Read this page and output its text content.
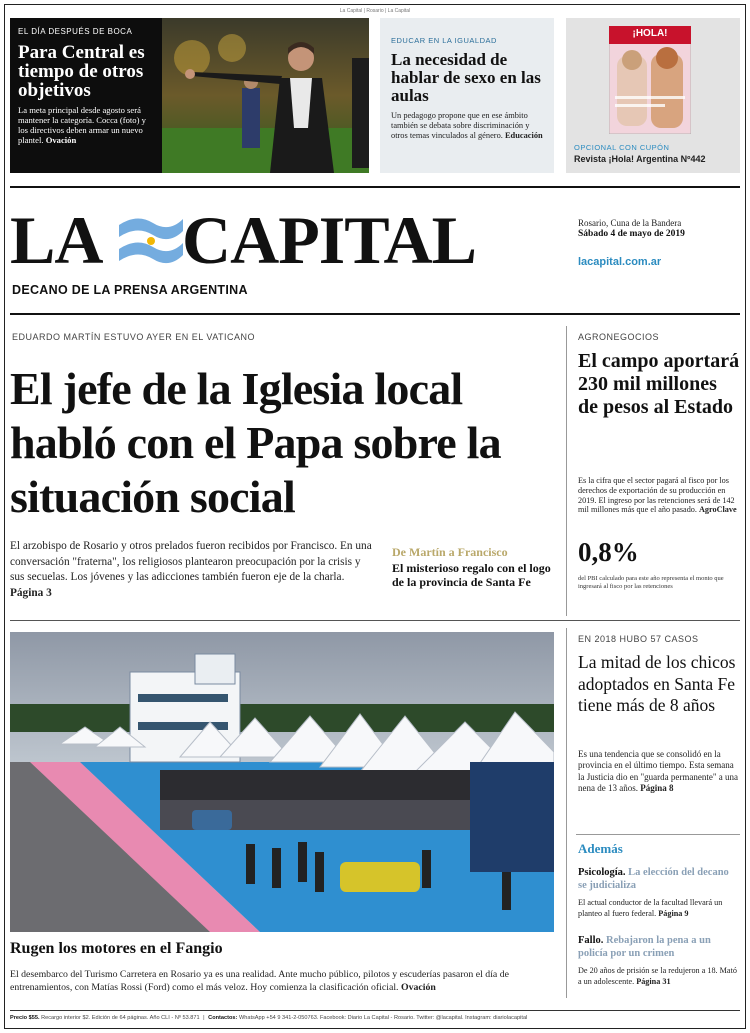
La Capital | Rosario | La Capital
EL DÍA DESPUÉS DE BOCA
Para Central es tiempo de otros objetivos
La meta principal desde agosto será mantener la categoría. Cocca (foto) y los directivos deben armar un nuevo plantel. Ovación
EDUCAR EN LA IGUALDAD
La necesidad de hablar de sexo en las aulas
Un pedagogo propone que en ese ámbito también se debata sobre discriminación y otros temas vinculados al género. Educación
¡HOLA!
OPCIONAL CON CUPÓN
Revista ¡Hola! Argentina Nº442
LA CAPITAL
DECANO DE LA PRENSA ARGENTINA
Rosario, Cuna de la Bandera
Sábado 4 de mayo de 2019
lacapital.com.ar
EDUARDO MARTÍN ESTUVO AYER EN EL VATICANO
El jefe de la Iglesia local habló con el Papa sobre la situación social
El arzobispo de Rosario y otros prelados fueron recibidos por Francisco. En una conversación "fraterna", los religiosos plantearon preocupación por la crisis y sus secuelas. Los jóvenes y las adicciones también fueron eje de la charla. Página 3
De Martín a Francisco
El misterioso regalo con el logo de la provincia de Santa Fe
AGRONEGOCIOS
El campo aportará 230 mil millones de pesos al Estado
Es la cifra que el sector pagará al fisco por los derechos de exportación de su producción en 2019. El ingreso por las retenciones será de 142 mil millones más que el año pasado. AgroClave
0,8%
del PBI calculado para este año representa el monto que ingresará al fisco por las retenciones
Rugen los motores en el Fangio
El desembarco del Turismo Carretera en Rosario ya es una realidad. Ante mucho público, pilotos y escuderías pasaron el día de entrenamientos, con Matías Rossi (Ford) como el más veloz. Hoy comienza la clasificación oficial. Ovación
EN 2018 HUBO 57 CASOS
La mitad de los chicos adoptados en Santa Fe tiene más de 8 años
Es una tendencia que se consolidó en la provincia en el último tiempo. Esta semana la Justicia dio en "guarda permanente" a una nena de 13 años. Página 8
Además
Psicología. La elección del decano se judicializa
El actual conductor de la facultad llevará un planteo al fuero federal. Página 9
Fallo. Rebajaron la pena a un policía por un crimen
De 20 años de prisión se la redujeron a 18. Mató a un adolescente. Página 31
Precio $55. Recargo interior $2. Edición de 64 páginas. Año CLI - Nº 53.871 | Contactos: WhatsApp +54 9 341-2-050763. Facebook: Diario La Capital - Rosario. Twitter: @lacapital. Instagram: diariolacapital
